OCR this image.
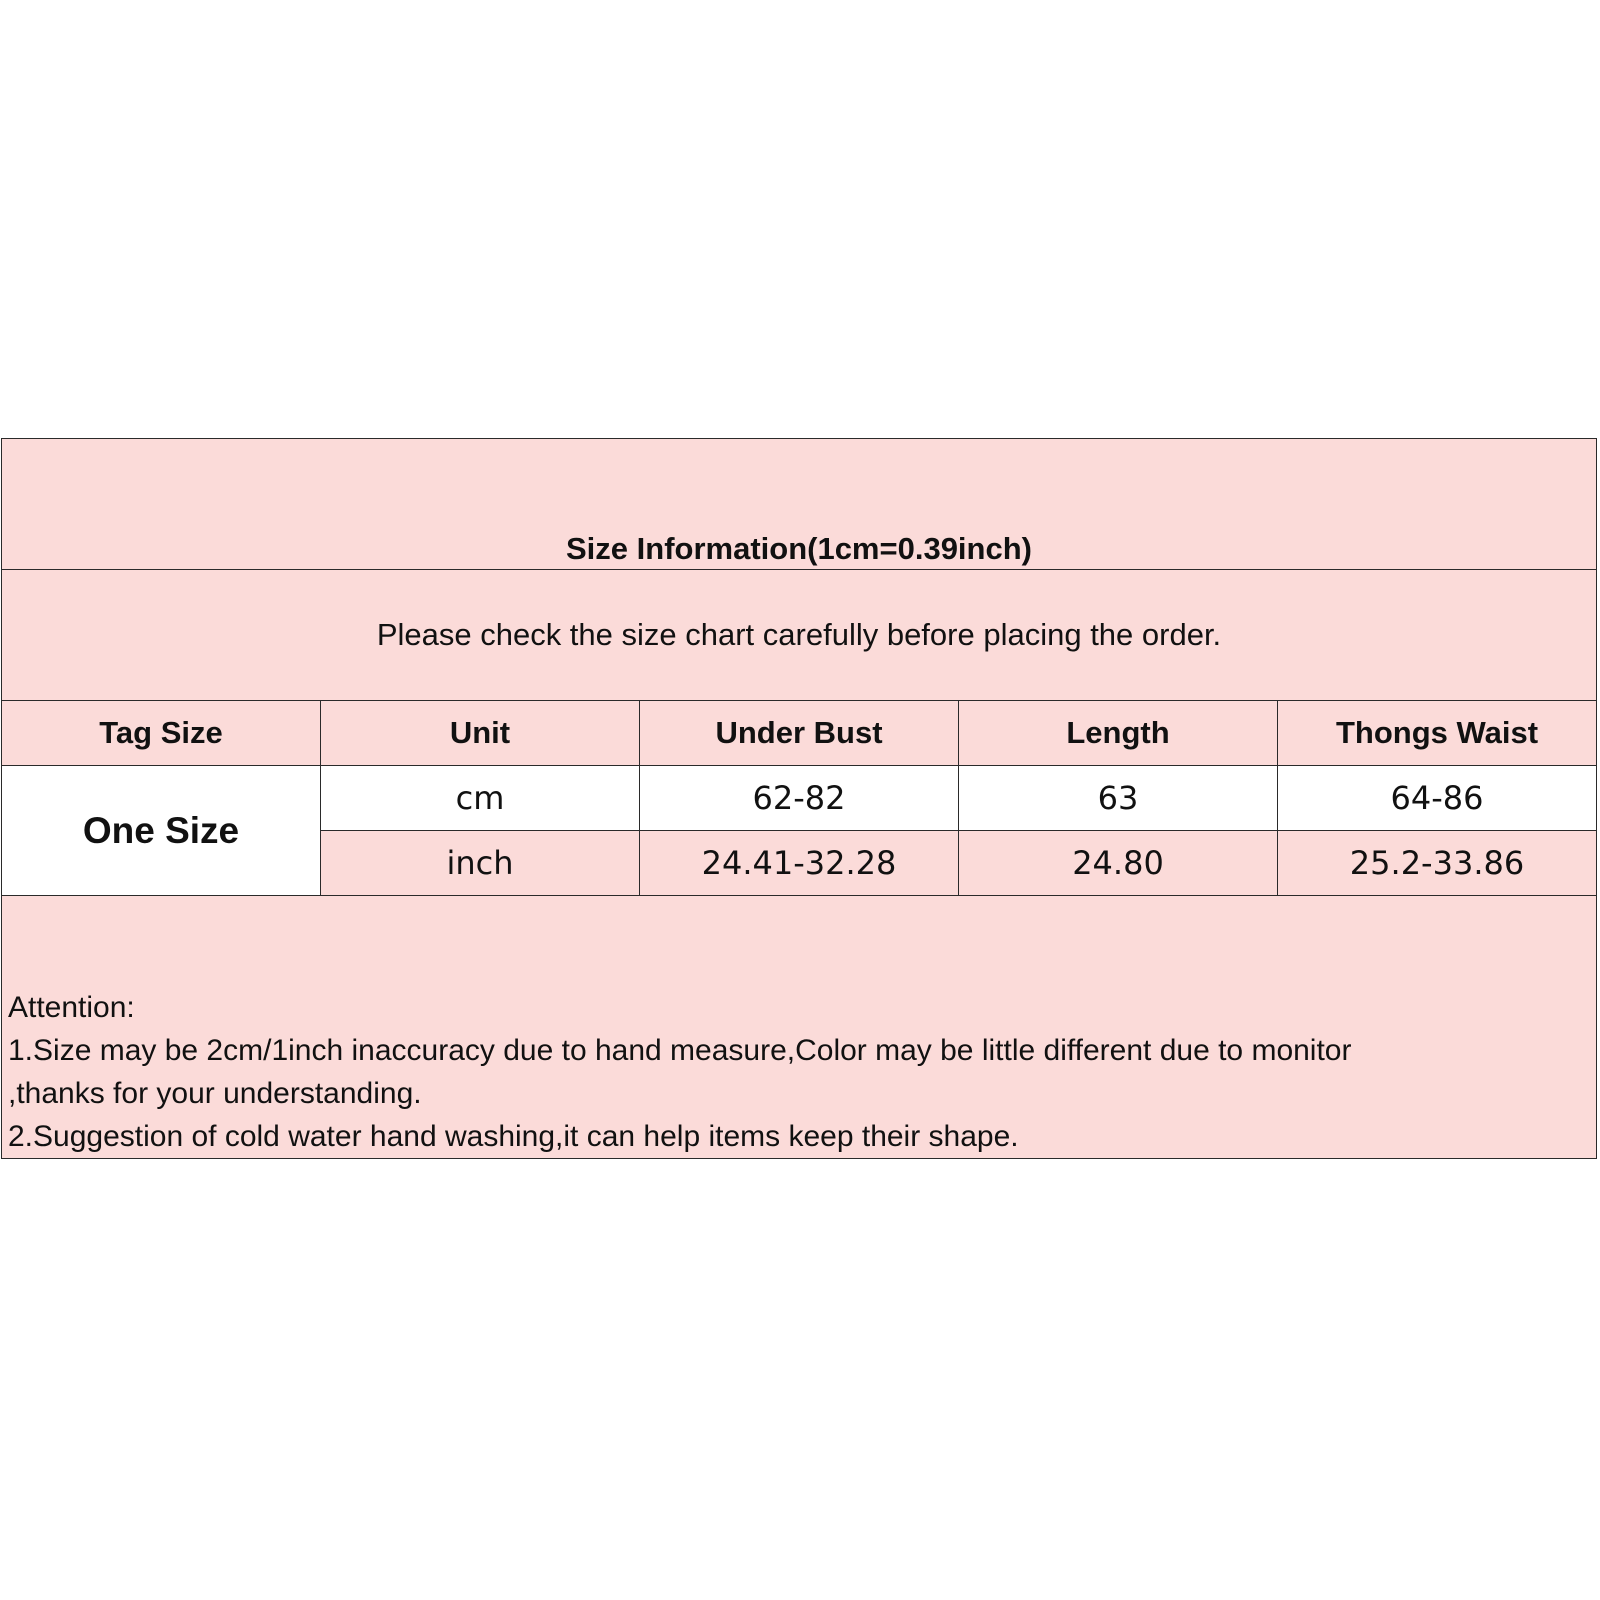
Size Information(1cm=0.39inch)				
Please check the size chart carefully before placing the order.				
Tag Size	Unit	Under Bust	Length	Thongs Waist
One Size	cm	62-82	63	64-86
	inch	24.41-32.28	24.80	25.2-33.86

Attention:
1.Size may be 2cm/1inch inaccuracy due to hand measure,Color may be little different due to monitor
,thanks for your understanding.
2.Suggestion of cold water hand washing,it can help items keep their shape.				
